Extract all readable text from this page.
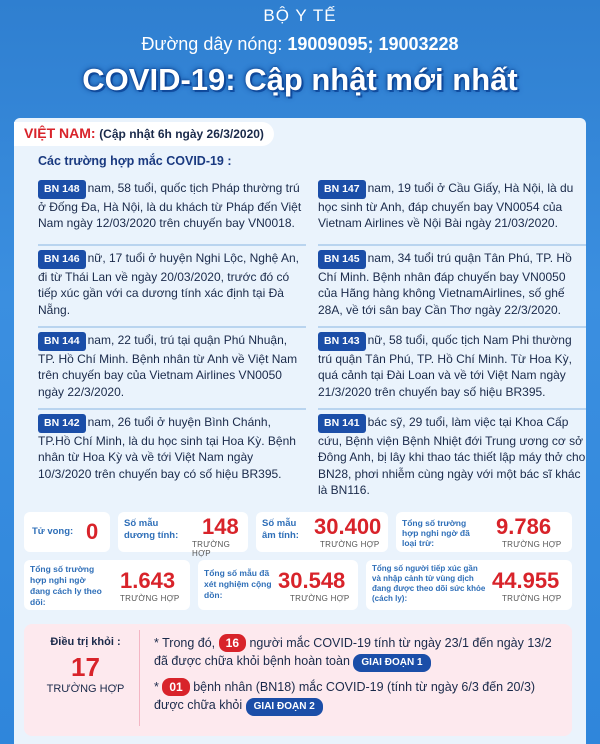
BỘ Y TẾ
Đường dây nóng: 19009095; 19003228
COVID-19: Cập nhật mới nhất
VIỆT NAM: (Cập nhật 6h ngày 26/3/2020)
Các trường hợp mắc COVID-19 :
BN 148 nam, 58 tuổi, quốc tịch Pháp thường trú ở Đống Đa, Hà Nội, là du khách từ Pháp đến Việt Nam ngày 12/03/2020 trên chuyến bay VN0018.
BN 147 nam, 19 tuổi ở Cầu Giấy, Hà Nội, là du học sinh từ Anh, đáp chuyến bay VN0054 của Vietnam Airlines về Nội Bài ngày 21/03/2020.
BN 146 nữ, 17 tuổi ở huyện Nghi Lộc, Nghệ An, đi từ Thái Lan về ngày 20/03/2020, trước đó có tiếp xúc gần với ca dương tính xác định tại Đà Nẵng.
BN 145 nam, 34 tuổi trú quận Tân Phú, TP. Hồ Chí Minh. Bệnh nhân đáp chuyến bay VN0050 của Hãng hàng không VietnamAirlines, số ghế 28A, về tới sân bay Cần Thơ ngày 22/3/2020.
BN 144 nam, 22 tuổi, trú tại quận Phú Nhuận, TP. Hồ Chí Minh. Bệnh nhân từ Anh về Việt Nam trên chuyến bay của Vietnam Airlines VN0050 ngày 22/3/2020.
BN 143 nữ, 58 tuổi, quốc tịch Nam Phi thường trú quận Tân Phú, TP. Hồ Chí Minh. Từ Hoa Kỳ, quá cảnh tại Đài Loan và về tới Việt Nam ngày 21/3/2020 trên chuyến bay số hiệu BR395.
BN 142 nam, 26 tuổi ở huyện Bình Chánh, TP.Hồ Chí Minh, là du học sinh tại Hoa Kỳ. Bệnh nhân từ Hoa Kỳ và về tới Việt Nam ngày 10/3/2020 trên chuyến bay có số hiệu BR395.
BN 141 bác sỹ, 29 tuổi, làm việc tại Khoa Cấp cứu, Bệnh viện Bệnh Nhiệt đới Trung ương cơ sở Đông Anh, bị lây khi thao tác thiết lập máy thở cho BN28, phơi nhiễm cùng ngày với một bác sĩ khác là BN116.
Tử vong: 0	Số mẫu dương tính:	148
TRƯỜNG HỢP
Số mẫu âm tính: 30.400
TRƯỜNG HỢP
Tổng số trường hợp nghi ngờ đã loại trừ:
9.786
TRƯỜNG HỢP
Tổng số trường hợp nghi ngờ đang cách ly theo dõi:
1.643
TRƯỜNG HỢP
Tổng số mẫu đã xét nghiệm cộng dồn:
30.548
TRƯỜNG HỢP
Tổng số người tiếp xúc gần và nhập cảnh từ vùng dịch đang được theo dõi sức khỏe (cách ly):
44.955
TRƯỜNG HỢP
Điều trị khỏi :
17
TRƯỜNG HỢP
* Trong đó, 16 người mắc COVID-19 tính từ ngày 23/1 đến ngày 13/2 đã được chữa khỏi bệnh hoàn toàn GIAI ĐOẠN 1
* 01 bệnh nhân (BN18) mắc COVID-19 (tính từ ngày 6/3 đến 20/3) được chữa khỏi GIAI ĐOẠN 2
